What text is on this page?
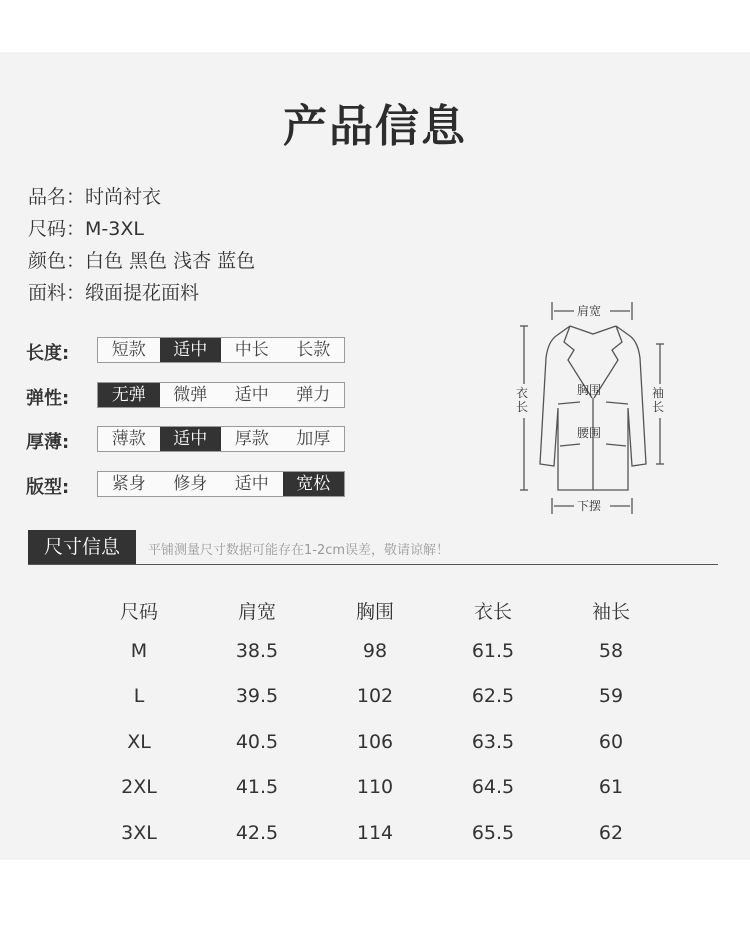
产品信息
品名：时尚衬衣
尺码：M-3XL
颜色：白色 黑色 浅杏 蓝色
面料：缎面提花面料
长度:	短款	适中	中长	长款
弹性:	无弹	微弹	适中	弹力
厚薄:	薄款	适中	厚款	加厚
版型:	紧身	修身	适中	宽松
肩宽
下摆
胸围
腰围
衣长
袖长
尺寸信息	平铺测量尺寸数据可能存在1-2cm误差，敬请谅解！
尺码	肩宽	胸围	衣长	袖长
M	38.5	98	61.5	58
L	39.5	102	62.5	59
XL	40.5	106	63.5	60
2XL	41.5	110	64.5	61
3XL	42.5	114	65.5	62
